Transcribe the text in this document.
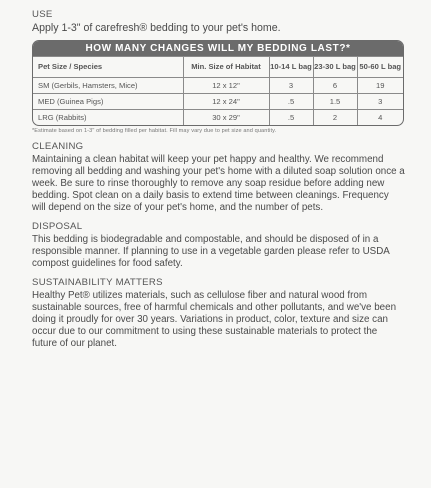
USE

Apply 1-3" of carefresh® bedding to your pet's home.

HOW MANY CHANGES WILL MY BEDDING LAST?*
Pet Size / Species	Min. Size of Habitat	10-14 L bag	23-30 L bag	50-60 L bag
SM (Gerbils, Hamsters, Mice)	12 x 12"	3	6	19
MED (Guinea Pigs)	12 x 24"	.5	1.5	3
LRG (Rabbits)	30 x 29"	.5	2	4

*Estimate based on 1-3" of bedding filled per habitat. Fill may vary due to pet size and quantity.

CLEANING

Maintaining a clean habitat will keep your pet happy and healthy. We recommend removing all bedding and washing your pet's home with a diluted soap solution once a week. Be sure to rinse thoroughly to remove any soap residue before adding new bedding. Spot clean on a daily basis to extend time between cleanings. Frequency will depend on the size of your pet's home, and the number of pets.

DISPOSAL

This bedding is biodegradable and compostable, and should be disposed of in a responsible manner. If planning to use in a vegetable garden please refer to USDA compost guidelines for food safety.

SUSTAINABILITY MATTERS

Healthy Pet® utilizes materials, such as cellulose fiber and natural wood from sustainable sources, free of harmful chemicals and other pollutants, and we've been doing it proudly for over 30 years. Variations in product, color, texture and size can occur due to our commitment to using these sustainable materials to protect the future of our planet.
